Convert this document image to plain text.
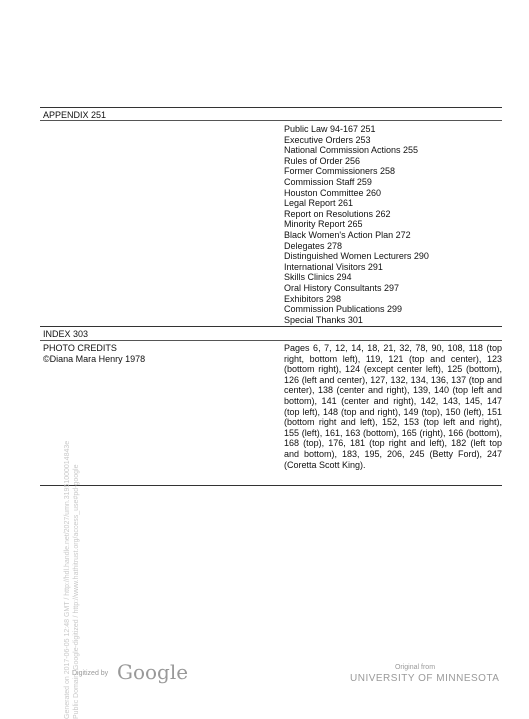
APPENDIX 251
Public Law 94-167 251
Executive Orders 253
National Commission Actions 255
Rules of Order 256
Former Commissioners 258
Commission Staff 259
Houston Committee 260
Legal Report 261
Report on Resolutions 262
Minority Report 265
Black Women's Action Plan 272
Delegates 278
Distinguished Women Lecturers 290
International Visitors 291
Skills Clinics 294
Oral History Consultants 297
Exhibitors 298
Commission Publications 299
Special Thanks 301
INDEX 303
PHOTO CREDITS
©Diana Mara Henry 1978
Pages 6, 7, 12, 14, 18, 21, 32, 78, 90, 108, 118 (top right, bottom left), 119, 121 (top and center), 123 (bottom right), 124 (except center left), 125 (bottom), 126 (left and center), 127, 132, 134, 136, 137 (top and center), 138 (center and right), 139, 140 (top left and bottom), 141 (center and right), 142, 143, 145, 147 (top left), 148 (top and right), 149 (top), 150 (left), 151 (bottom right and left), 152, 153 (top left and right), 155 (left), 161, 163 (bottom), 165 (right), 166 (bottom), 168 (top), 176, 181 (top right and left), 182 (left top and bottom), 183, 195, 206, 245 (Betty Ford), 247 (Coretta Scott King).
Generated on 2017-06-05 12:48 GMT / http://hdl.handle.net/2027/umn.31951000014843e Public Domain, Google-digitized / http://www.hathitrust.org/access_use#pd-google
Digitized by Google	Original from
UNIVERSITY OF MINNESOTA
